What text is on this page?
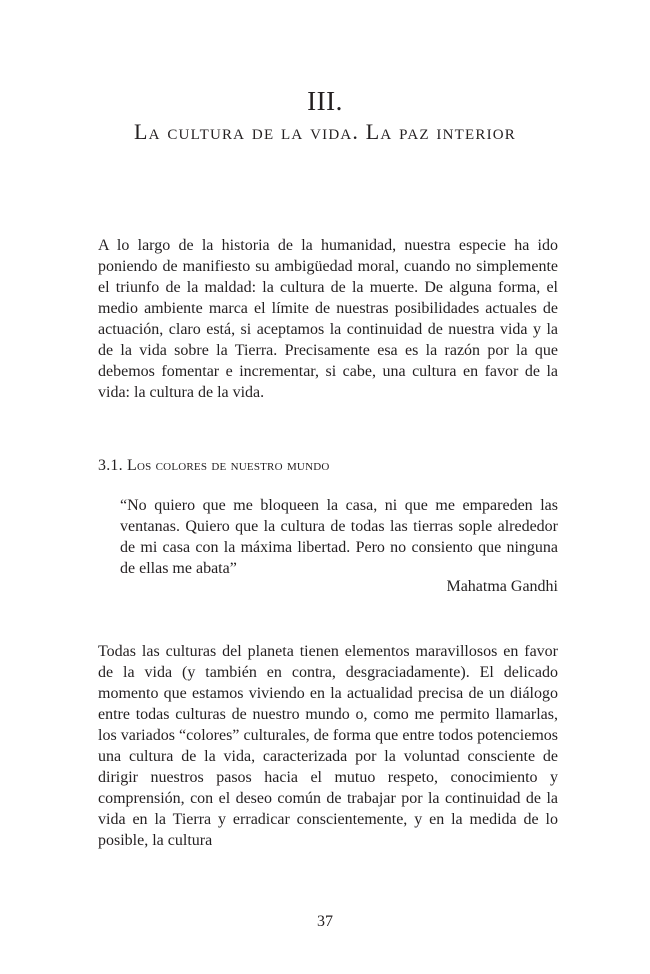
III.
La cultura de la vida. La paz interior

A lo largo de la historia de la humanidad, nuestra especie ha ido poniendo de manifiesto su ambigüedad moral, cuando no simplemente el triunfo de la maldad: la cultura de la muerte. De alguna forma, el medio ambiente marca el límite de nuestras posibilidades actuales de actuación, claro está, si aceptamos la continuidad de nuestra vida y la de la vida sobre la Tierra. Precisamente esa es la razón por la que debemos fomentar e incrementar, si cabe, una cultura en favor de la vida: la cultura de la vida.

3.1. Los colores de nuestro mundo

“No quiero que me bloqueen la casa, ni que me empareden las ventanas. Quiero que la cultura de todas las tierras sople alrededor de mi casa con la máxima libertad. Pero no consiento que ninguna de ellas me abata”

Mahatma Gandhi

Todas las culturas del planeta tienen elementos maravillosos en favor de la vida (y también en contra, desgraciadamente). El delicado momento que estamos viviendo en la actualidad precisa de un diálogo entre todas culturas de nuestro mundo o, como me permito llamarlas, los variados “colores” culturales, de forma que entre todos potenciemos una cultura de la vida, caracterizada por la voluntad consciente de dirigir nuestros pasos hacia el mutuo respeto, conocimiento y comprensión, con el deseo común de trabajar por la continuidad de la vida en la Tierra y erradicar conscientemente, y en la medida de lo posible, la cultura

37
